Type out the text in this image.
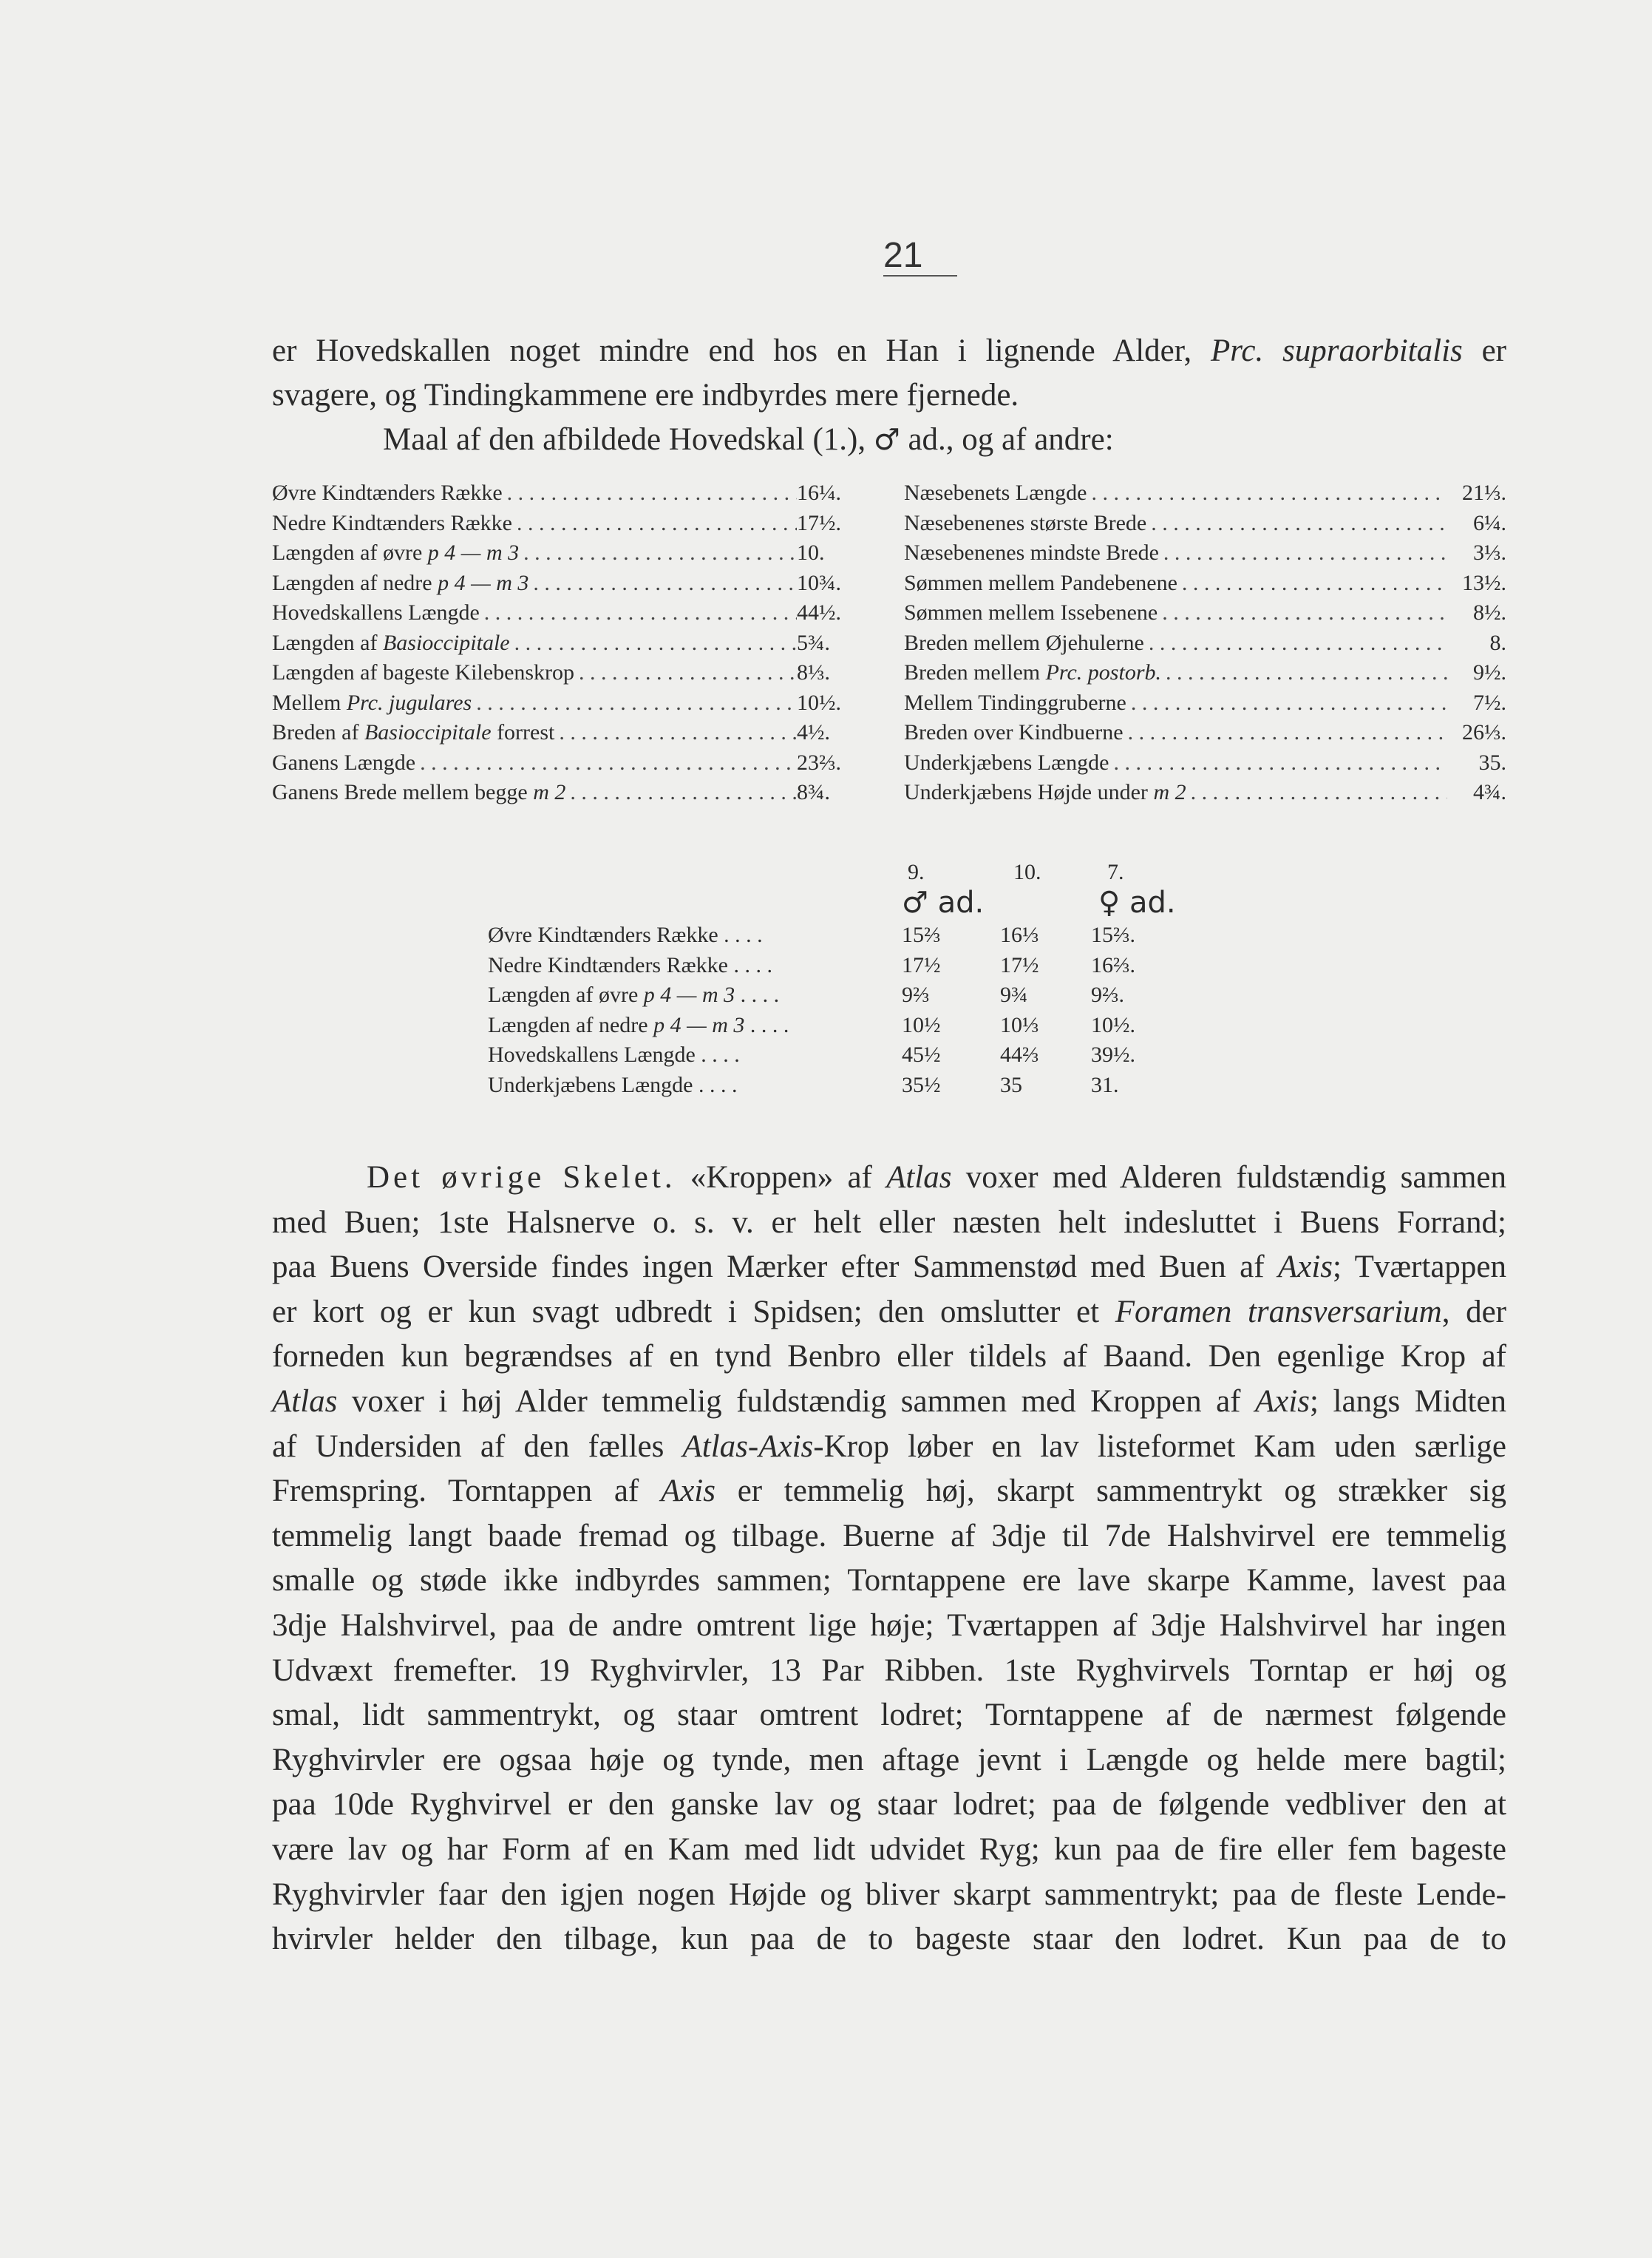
21

er Hovedskallen noget mindre end hos en Han i lignende Alder, Prc. supraorbitalis er

svagere, og Tindingkammene ere indbyrdes mere fjernede.

Maal af den afbildede Hovedskal (1.), ♂ ad., og af andre:

Øvre Kindtænders Række . . .	16¼.
Nedre Kindtænders Række . . .	17½.
Længden af øvre p 4 — m 3 . . .	10.
Længden af nedre p 4 — m 3 . . .	10¾.
Hovedskallens Længde . . .	44½.
Længden af Basioccipitale . . .	5¾.
Længden af bageste Kilebenskrop . . .	8⅓.
Mellem Prc. jugulares . . .	10½.
Breden af Basioccipitale forrest . . .	4½.
Ganens Længde . . .	23⅔.
Ganens Brede mellem begge m 2 . . .	8¾.
Næsebenets Længde . . .	21⅓.
Næsebenenes største Brede . . .	6¼.
Næsebenenes mindste Brede . . .	3⅓.
Sømmen mellem Pandebenene . . .	13½.
Sømmen mellem Issebenene . . .	8½.
Breden mellem Øjehulerne . . .	8.
Breden mellem Prc. postorb. . . .	9½.
Mellem Tindinggruberne . . .	7½.
Breden over Kindbuerne . . .	26⅓.
Underkjæbens Længde . . .	35.
Underkjæbens Højde under m 2 . . .	4¾.
	9.	10.	7.
	♂ ad.		♀ ad.
Øvre Kindtænders Række . . . .	15⅔	16⅓	15⅔.
Nedre Kindtænders Række . . . .	17½	17½	16⅔.
Længden af øvre p 4 — m 3 . . . .	9⅔	9¾	9⅔.
Længden af nedre p 4 — m 3 . . . .	10½	10⅓	10½.
Hovedskallens Længde . . . .	45½	44⅔	39½.
Underkjæbens Længde . . . .	35½	35	31.
Det øvrige Skelet. «Kroppen» af Atlas voxer med Alderen fuldstændig sammen
med Buen; 1ste Halsnerve o. s. v. er helt eller næsten helt indesluttet i Buens Forrand;
paa Buens Overside findes ingen Mærker efter Sammenstød med Buen af Axis; Tværtappen
er kort og er kun svagt udbredt i Spidsen; den omslutter et Foramen transversarium, der
forneden kun begrændses af en tynd Benbro eller tildels af Baand. Den egenlige Krop af
Atlas voxer i høj Alder temmelig fuldstændig sammen med Kroppen af Axis; langs Midten
af Undersiden af den fælles Atlas-Axis-Krop løber en lav listeformet Kam uden særlige
Fremspring. Torntappen af Axis er temmelig høj, skarpt sammentrykt og strækker sig
temmelig langt baade fremad og tilbage. Buerne af 3dje til 7de Halshvirvel ere temmelig
smalle og støde ikke indbyrdes sammen; Torntappene ere lave skarpe Kamme, lavest paa
3dje Halshvirvel, paa de andre omtrent lige høje; Tværtappen af 3dje Halshvirvel har ingen
Udvæxt fremefter. 19 Ryghvirvler, 13 Par Ribben. 1ste Ryghvirvels Torntap er høj og
smal, lidt sammentrykt, og staar omtrent lodret; Torntappene af de nærmest følgende
Ryghvirvler ere ogsaa høje og tynde, men aftage jevnt i Længde og helde mere bagtil;
paa 10de Ryghvirvel er den ganske lav og staar lodret; paa de følgende vedbliver den at
være lav og har Form af en Kam med lidt udvidet Ryg; kun paa de fire eller fem bageste
Ryghvirvler faar den igjen nogen Højde og bliver skarpt sammentrykt; paa de fleste Lende-
hvirvler helder den tilbage, kun paa de to bageste staar den lodret. Kun paa de to
